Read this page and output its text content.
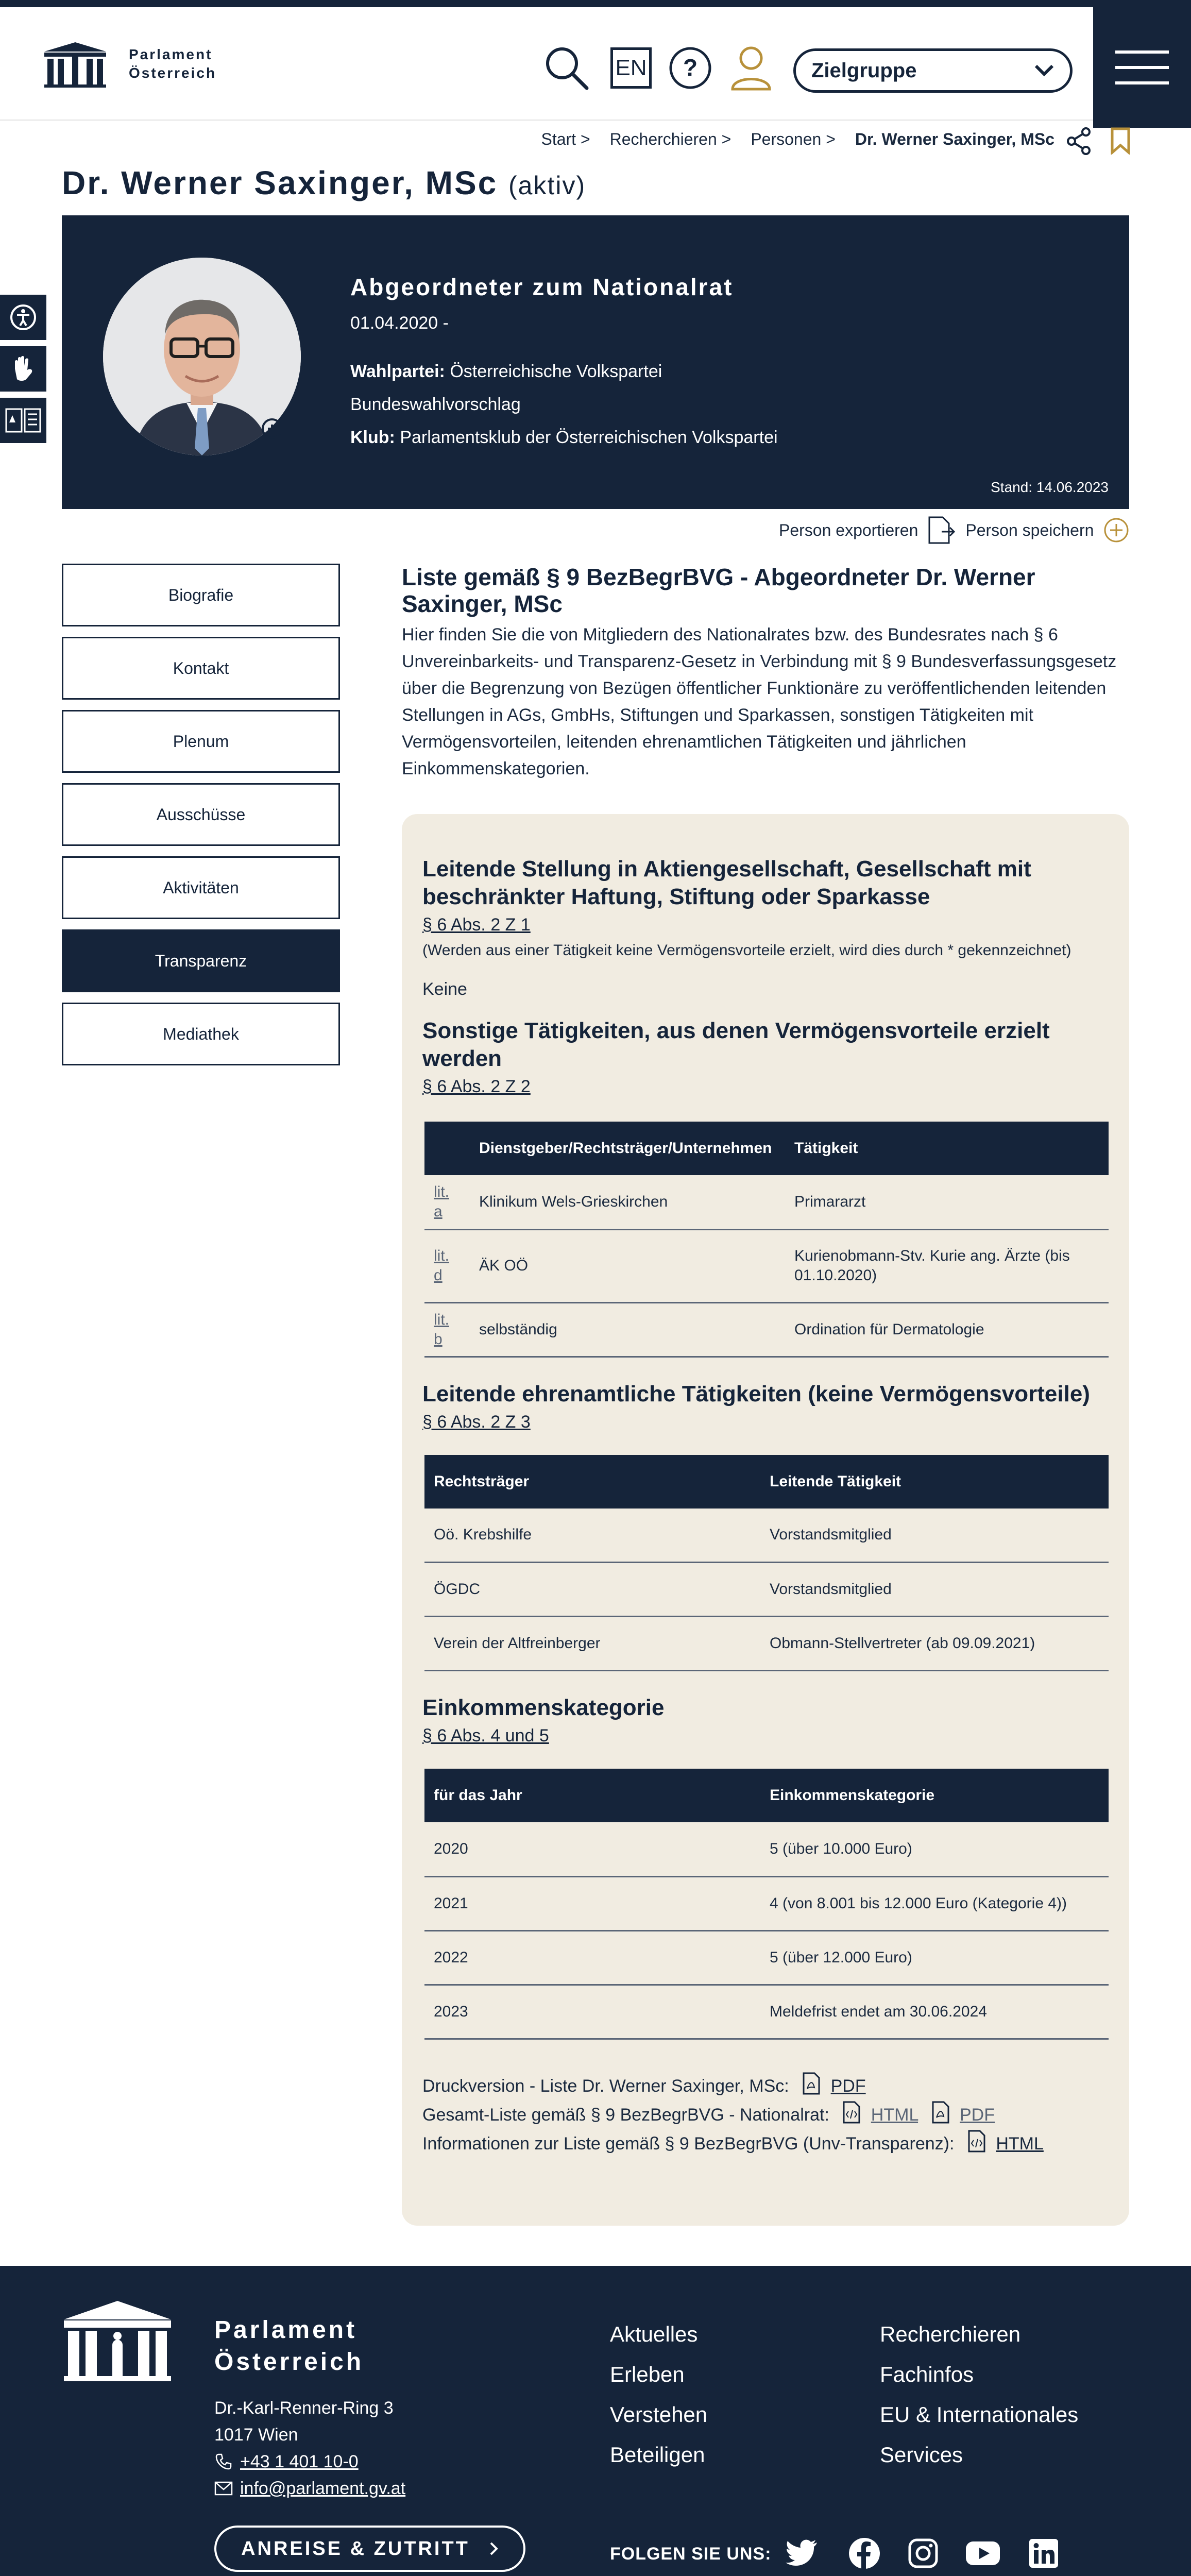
Parlament
Österreich	EN ?	Zielgruppe
Start > Recherchieren > Personen > Dr. Werner Saxinger, MSc
Dr. Werner Saxinger, MSc (aktiv)
Abgeordneter zum Nationalrat
01.04.2020 -
Wahlpartei: Österreichische Volkspartei
Bundeswahlvorschlag
Klub: Parlamentsklub der Österreichischen Volkspartei
Stand: 14.06.2023
Person exportieren	Person speichern
Biografie
Kontakt
Plenum
Ausschüsse
Aktivitäten
Transparenz
Mediathek
Liste gemäß § 9 BezBegrBVG - Abgeordneter Dr. Werner Saxinger, MSc

Hier finden Sie die von Mitgliedern des Nationalrates bzw. des Bundesrates nach § 6 Unvereinbarkeits- und Transparenz-Gesetz in Verbindung mit § 9 Bundesverfassungsgesetz über die Begrenzung von Bezügen öffentlicher Funktionäre zu veröffentlichenden leitenden Stellungen in AGs, GmbHs, Stiftungen und Sparkassen, sonstigen Tätigkeiten mit Vermögensvorteilen, leitenden ehrenamtlichen Tätigkeiten und jährlichen Einkommenskategorien.

Leitende Stellung in Aktiengesellschaft, Gesellschaft mit beschränkter Haftung, Stiftung oder Sparkasse
§ 6 Abs. 2 Z 1

(Werden aus einer Tätigkeit keine Vermögensvorteile erzielt, wird dies durch * gekennzeichnet)

Keine

Sonstige Tätigkeiten, aus denen Vermögensvorteile erzielt werden
§ 6 Abs. 2 Z 2
	Dienstgeber/Rechtsträger/Unternehmen	Tätigkeit
lit. a	Klinikum Wels-Grieskirchen	Primararzt
lit. d	ÄK OÖ	Kurienobmann-Stv. Kurie ang. Ärzte (bis 01.10.2020)
lit. b	selbständig	Ordination für Dermatologie
Leitende ehrenamtliche Tätigkeiten (keine Vermögensvorteile)
§ 6 Abs. 2 Z 3
Rechtsträger	Leitende Tätigkeit
Oö. Krebshilfe	Vorstandsmitglied
ÖGDC	Vorstandsmitglied
Verein der Altfreinberger	Obmann-Stellvertreter (ab 09.09.2021)
Einkommenskategorie
§ 6 Abs. 4 und 5
für das Jahr	Einkommenskategorie
2020	5 (über 10.000 Euro)
2021	4 (von 8.001 bis 12.000 Euro (Kategorie 4))
2022	5 (über 12.000 Euro)
2023	Meldefrist endet am 30.06.2024
Druckversion - Liste Dr. Werner Saxinger, MSc: PDF
Gesamt-Liste gemäß § 9 BezBegrBVG - Nationalrat: HTML PDF
Informationen zur Liste gemäß § 9 BezBegrBVG (Unv-Transparenz): HTML
Parlament
Österreich
Dr.-Karl-Renner-Ring 3
1017 Wien
+43 1 401 10-0
info@parlament.gv.at
ANREISE & ZUTRITT
Aktuelles
Erleben
Verstehen
Beteiligen
Recherchieren
Fachinfos
EU & Internationales
Services
FOLGEN SIE UNS:
